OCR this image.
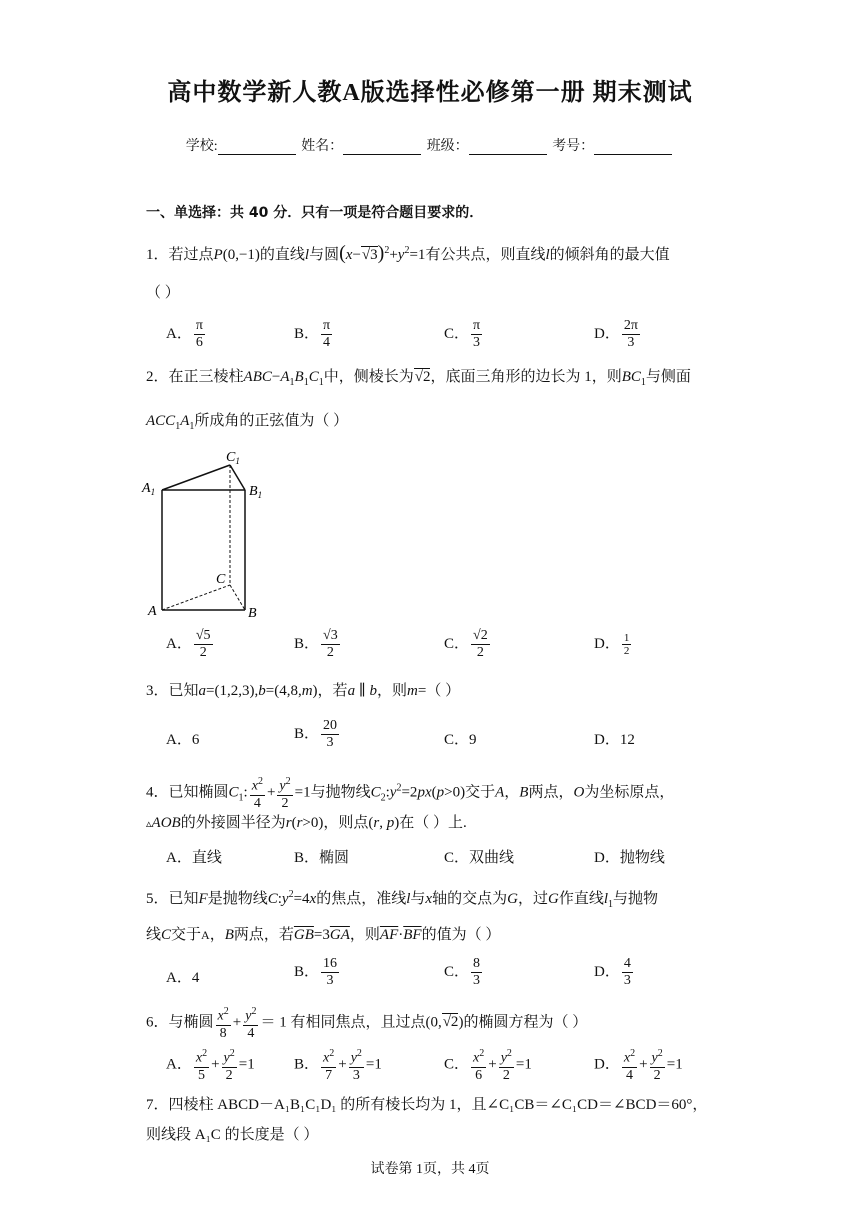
高中数学新人教A版选择性必修第一册 期末测试
学校:	姓名：	班级：	考号：
一、单选择：共 40 分．只有一项是符合题目要求的．
1．若过点P(0,−1)的直线l与圆$(x-√3)^2+y^2=1$有公共点，则直线l的倾斜角的最大值
（ ）
A． $\frac{\pi}{6}$	B． $\frac{\pi}{4}$	C． $\frac{\pi}{3}$	D． $\frac{2\pi}{3}$
2．在正三棱柱$ABC-A_1B_1C_1$中，侧棱长为√2，底面三角形的边长为 1，则$BC_1$与侧面
$ACC_1A_1$所成角的正弦值为（ ）
$A_1$
$C_1$
$B_1$
C
A	B
A． $\frac{√5}{2}$	B． $\frac{√3}{2}$	C． $\frac{√2}{2}$	D． $\frac{1}{2}$
3．已知a=(1,2,3),b=(4,8,m)，若a ∥ b，则m=（ ）
A．6	B． $\frac{20}{3}$	C．9	D．12
4．已知椭圆$C_1$: $\frac{x^2}{4} + \frac{y^2}{2} =1$与抛物线$C_2:y^2=2px(p>0)$交于A，B两点，O为坐标原点，
▵AOB的外接圆半径为r(r>0)，则点(r, p)在（ ）上.
A．直线	B．椭圆	C．双曲线	D．抛物线
5．已知F是抛物线$C:y^2=4x$的焦点，准线l与x轴的交点为G，过G作直线$l_1$与抛物
线C交于A，B两点，若$\overline{GB}=3\overline{GA}$，则$\overline{AF}\cdot\overline{BF}$的值为（ ）
A．4	B． $\frac{16}{3}$	C． $\frac{8}{3}$	D． $\frac{4}{3}$
6．与椭圆 $\frac{x^2}{8} + \frac{y^2}{4} = 1$ 有相同焦点，且过点(0,√2)的椭圆方程为（ ）
A． $\frac{x^2}{5} + \frac{y^2}{2} =1$	B． $\frac{x^2}{7} + \frac{y^2}{3} =1$	C． $\frac{x^2}{6} + \frac{y^2}{2} =1$	D． $\frac{x^2}{4} + \frac{y^2}{2} =1$
7．四棱柱 ABCD－A₁B₁C₁D₁ 的所有棱长均为 1，且∠C₁CB＝∠C₁CD＝∠BCD＝60°，
则线段 A₁C 的长度是（ ）
试卷第 1页，共 4页
